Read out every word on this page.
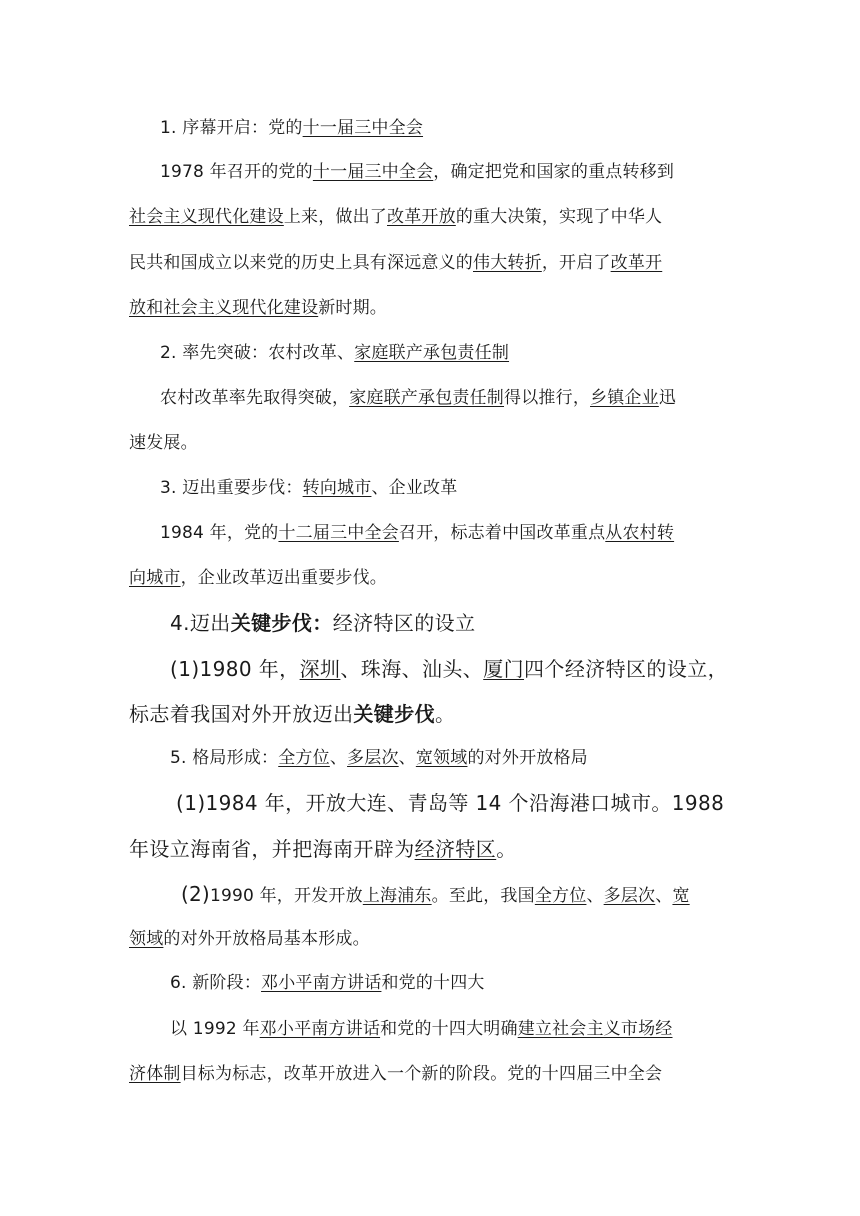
1. 序幕开启：党的十一届三中全会
1978 年召开的党的十一届三中全会，确定把党和国家的重点转移到
社会主义现代化建设上来，做出了改革开放的重大决策，实现了中华人
民共和国成立以来党的历史上具有深远意义的伟大转折，开启了改革开
放和社会主义现代化建设新时期。
2. 率先突破：农村改革、家庭联产承包责任制
农村改革率先取得突破，家庭联产承包责任制得以推行，乡镇企业迅
速发展。
3. 迈出重要步伐：转向城市、企业改革
1984 年，党的十二届三中全会召开，标志着中国改革重点从农村转
向城市，企业改革迈出重要步伐。
4.迈出关键步伐：经济特区的设立
(1)1980 年，深圳、珠海、汕头、厦门四个经济特区的设立，
标志着我国对外开放迈出关键步伐。
5. 格局形成：全方位、多层次、宽领域的对外开放格局
(1)1984 年，开放大连、青岛等 14 个沿海港口城市。1988
年设立海南省，并把海南开辟为经济特区。
(2)1990 年，开发开放上海浦东。至此，我国全方位、多层次、宽
领域的对外开放格局基本形成。
6. 新阶段：邓小平南方讲话和党的十四大
以 1992 年邓小平南方讲话和党的十四大明确建立社会主义市场经
济体制目标为标志，改革开放进入一个新的阶段。党的十四届三中全会
